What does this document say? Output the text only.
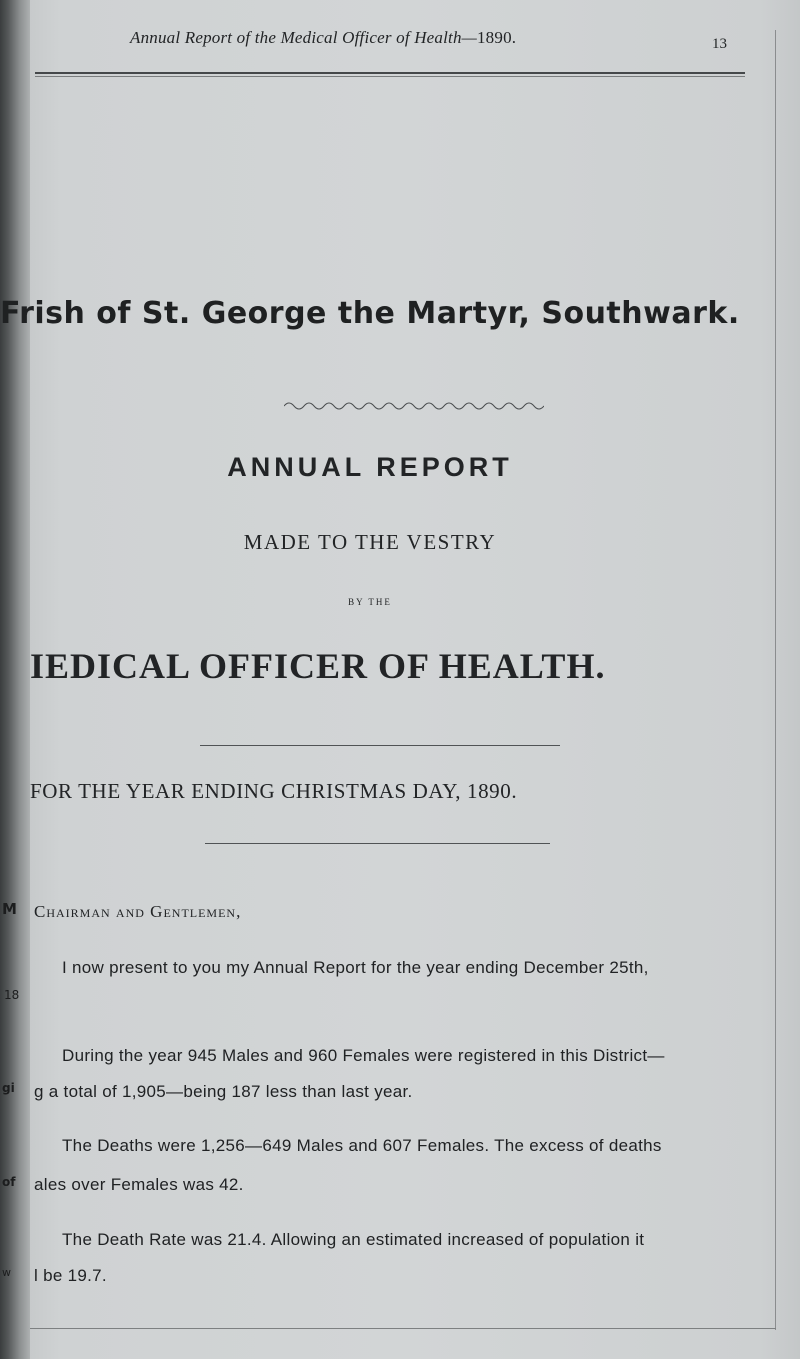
M
18
gi
of
w
Annual Report of the Medical Officer of Health—1890.	13
Frish of St. George the Martyr, Southwark.
ANNUAL REPORT
MADE TO THE VESTRY
BY THE
IEDICAL OFFICER OF HEALTH.
FOR THE YEAR ENDING CHRISTMAS DAY, 1890.
Chairman and Gentlemen,
I now present to you my Annual Report for the year ending December 25th,
During the year 945 Males and 960 Females were registered in this District—
g a total of 1,905—being 187 less than last year.
The Deaths were 1,256—649 Males and 607 Females. The excess of deaths
ales over Females was 42.
The Death Rate was 21.4. Allowing an estimated increased of population it
l be 19.7.
